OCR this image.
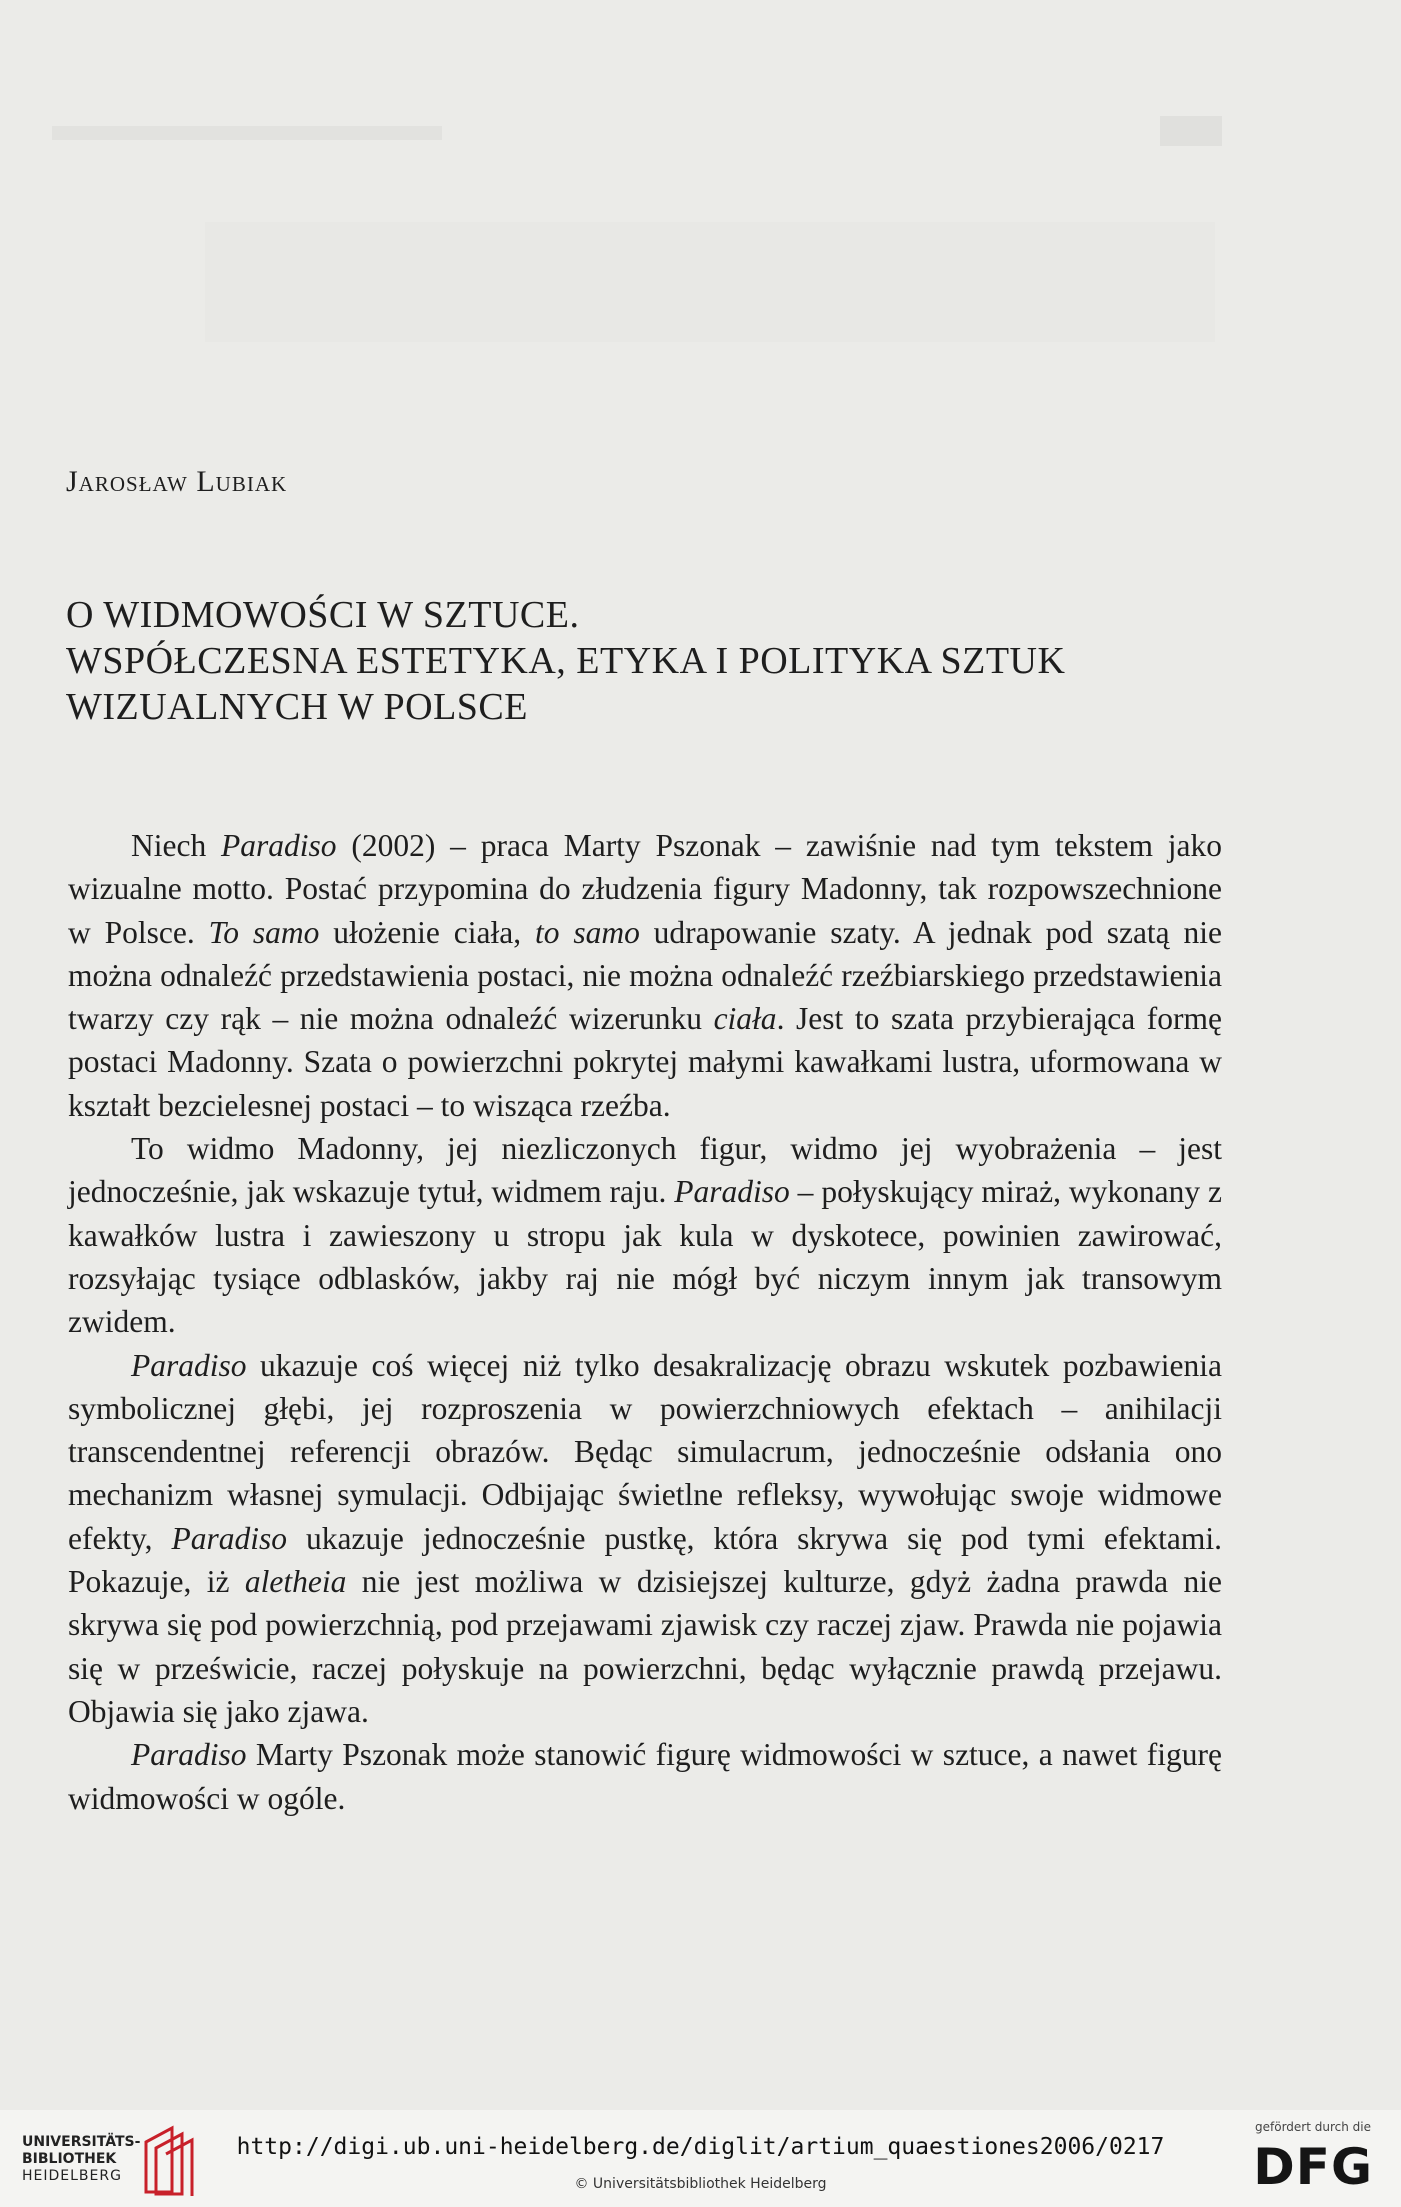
Jarosław Lubiak
O WIDMOWOŚCI W SZTUCE.
WSPÓŁCZESNA ESTETYKA, ETYKA I POLITYKA SZTUK
WIZUALNYCH W POLSCE

Niech Paradiso (2002) – praca Marty Pszonak – zawiśnie nad tym tekstem jako wizualne motto. Postać przypomina do złudzenia figury Madonny, tak rozpowszechnione w Polsce. To samo ułożenie ciała, to samo udrapowanie szaty. A jednak pod szatą nie można odnaleźć przedstawienia postaci, nie można odnaleźć rzeźbiarskiego przedstawienia twarzy czy rąk – nie można odnaleźć wizerunku ciała. Jest to szata przybierająca formę postaci Madonny. Szata o powierzchni pokrytej małymi kawałkami lustra, uformowana w kształt bezcielesnej postaci – to wisząca rzeźba.

To widmo Madonny, jej niezliczonych figur, widmo jej wyobrażenia – jest jednocześnie, jak wskazuje tytuł, widmem raju. Paradiso – połyskujący miraż, wykonany z kawałków lustra i zawieszony u stropu jak kula w dyskotece, powinien zawirować, rozsyłając tysiące odblasków, jakby raj nie mógł być niczym innym jak transowym zwidem.

Paradiso ukazuje coś więcej niż tylko desakralizację obrazu wskutek pozbawienia symbolicznej głębi, jej rozproszenia w powierzchniowych efektach – anihilacji transcendentnej referencji obrazów. Będąc simulacrum, jednocześnie odsłania ono mechanizm własnej symulacji. Odbijając świetlne refleksy, wywołując swoje widmowe efekty, Paradiso ukazuje jednocześnie pustkę, która skrywa się pod tymi efektami. Pokazuje, iż aletheia nie jest możliwa w dzisiejszej kulturze, gdyż żadna prawda nie skrywa się pod powierzchnią, pod przejawami zjawisk czy raczej zjaw. Prawda nie pojawia się w prześwicie, raczej połyskuje na powierzchni, będąc wyłącznie prawdą przejawu. Objawia się jako zjawa.

Paradiso Marty Pszonak może stanowić figurę widmowości w sztuce, a nawet figurę widmowości w ogóle.

UNIVERSITÄTS-
BIBLIOTHEK
HEIDELBERG
http://digi.ub.uni-heidelberg.de/diglit/artium_quaestiones2006/0217
© Universitätsbibliothek Heidelberg
gefördert durch die
DFG
